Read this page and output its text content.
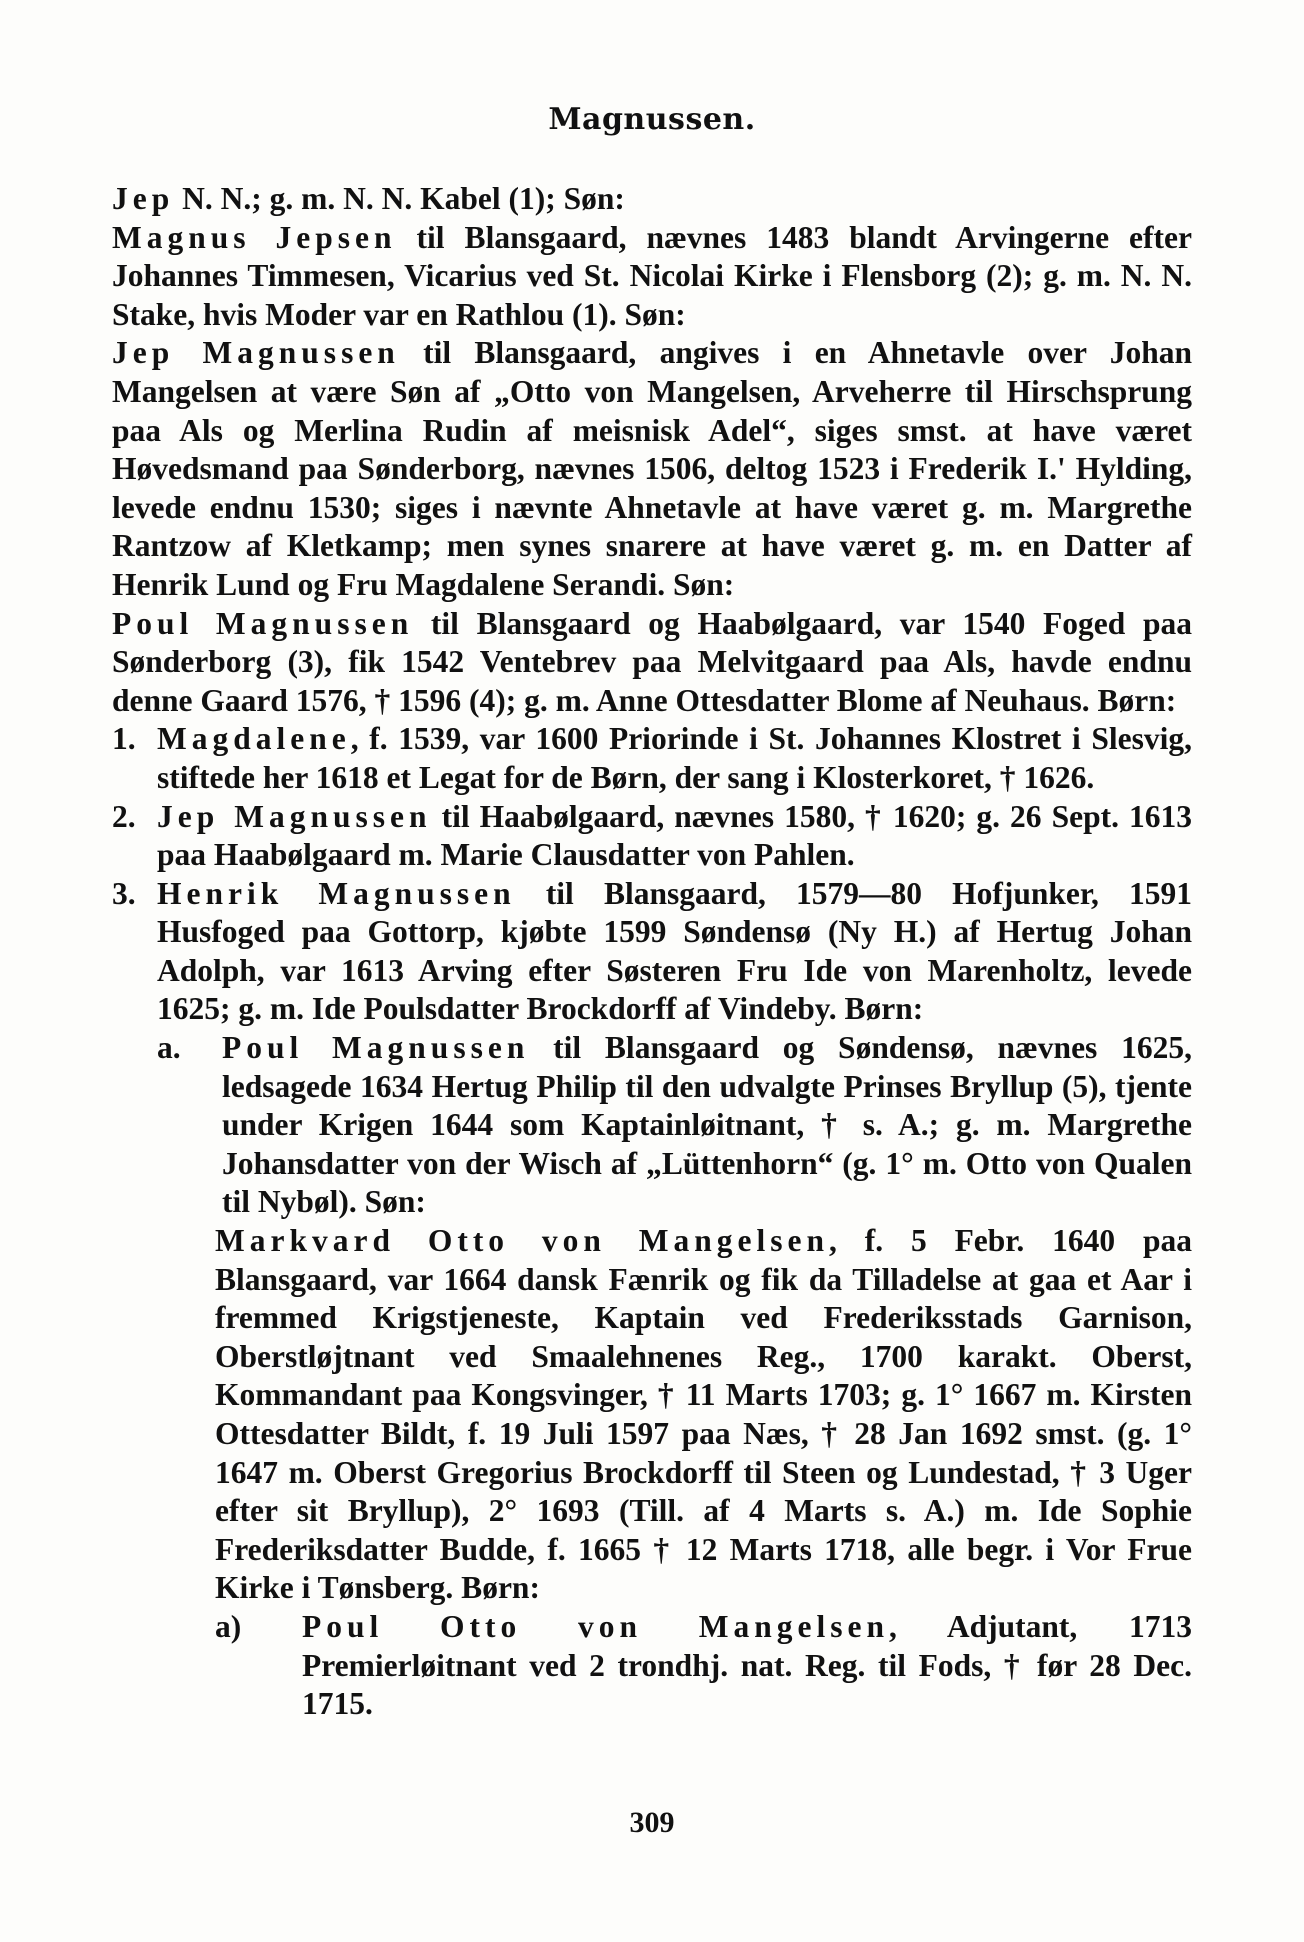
Magnussen.

Jep N. N.; g. m. N. N. Kabel (1); Søn:

Magnus Jepsen til Blansgaard, nævnes 1483 blandt Arvingerne efter Johannes Timmesen, Vicarius ved St. Nicolai Kirke i Flensborg (2); g. m. N. N. Stake, hvis Moder var en Rathlou (1). Søn:

Jep Magnussen til Blansgaard, angives i en Ahnetavle over Johan Mangelsen at være Søn af „Otto von Mangelsen, Arveherre til Hirschsprung paa Als og Merlina Rudin af meisnisk Adel“, siges smst. at have været Høvedsmand paa Sønderborg, nævnes 1506, deltog 1523 i Frederik I.' Hylding, levede endnu 1530; siges i nævnte Ahnetavle at have været g. m. Margrethe Rantzow af Kletkamp; men synes snarere at have været g. m. en Datter af Henrik Lund og Fru Magdalene Serandi. Søn:

Poul Magnussen til Blansgaard og Haabølgaard, var 1540 Foged paa Sønderborg (3), fik 1542 Ventebrev paa Melvitgaard paa Als, havde endnu denne Gaard 1576, † 1596 (4); g. m. Anne Ottesdatter Blome af Neuhaus. Børn:

1. Magdalene, f. 1539, var 1600 Priorinde i St. Johannes Klostret i Slesvig, stiftede her 1618 et Legat for de Børn, der sang i Klosterkoret, † 1626.

2. Jep Magnussen til Haabølgaard, nævnes 1580, † 1620; g. 26 Sept. 1613 paa Haabølgaard m. Marie Clausdatter von Pahlen.

3. Henrik Magnussen til Blansgaard, 1579—80 Hofjunker, 1591 Husfoged paa Gottorp, kjøbte 1599 Søndensø (Ny H.) af Hertug Johan Adolph, var 1613 Arving efter Søsteren Fru Ide von Marenholtz, levede 1625; g. m. Ide Poulsdatter Brockdorff af Vindeby. Børn:

a. Poul Magnussen til Blansgaard og Søndensø, nævnes 1625, ledsagede 1634 Hertug Philip til den udvalgte Prinses Bryllup (5), tjente under Krigen 1644 som Kaptainløitnant, † s. A.; g. m. Margrethe Johansdatter von der Wisch af „Lüttenhorn“ (g. 1° m. Otto von Qualen til Nybøl). Søn:

Markvard Otto von Mangelsen, f. 5 Febr. 1640 paa Blansgaard, var 1664 dansk Fænrik og fik da Tilladelse at gaa et Aar i fremmed Krigstjeneste, Kaptain ved Frederiksstads Garnison, Oberstløjtnant ved Smaalehnenes Reg., 1700 karakt. Oberst, Kommandant paa Kongsvinger, † 11 Marts 1703; g. 1° 1667 m. Kirsten Ottesdatter Bildt, f. 19 Juli 1597 paa Næs, † 28 Jan 1692 smst. (g. 1° 1647 m. Oberst Gregorius Brockdorff til Steen og Lundestad, † 3 Uger efter sit Bryllup), 2° 1693 (Till. af 4 Marts s. A.) m. Ide Sophie Frederiksdatter Budde, f. 1665 † 12 Marts 1718, alle begr. i Vor Frue Kirke i Tønsberg. Børn:

a) Poul Otto von Mangelsen, Adjutant, 1713 Premierløitnant ved 2 trondhj. nat. Reg. til Fods, † før 28 Dec. 1715.

309
